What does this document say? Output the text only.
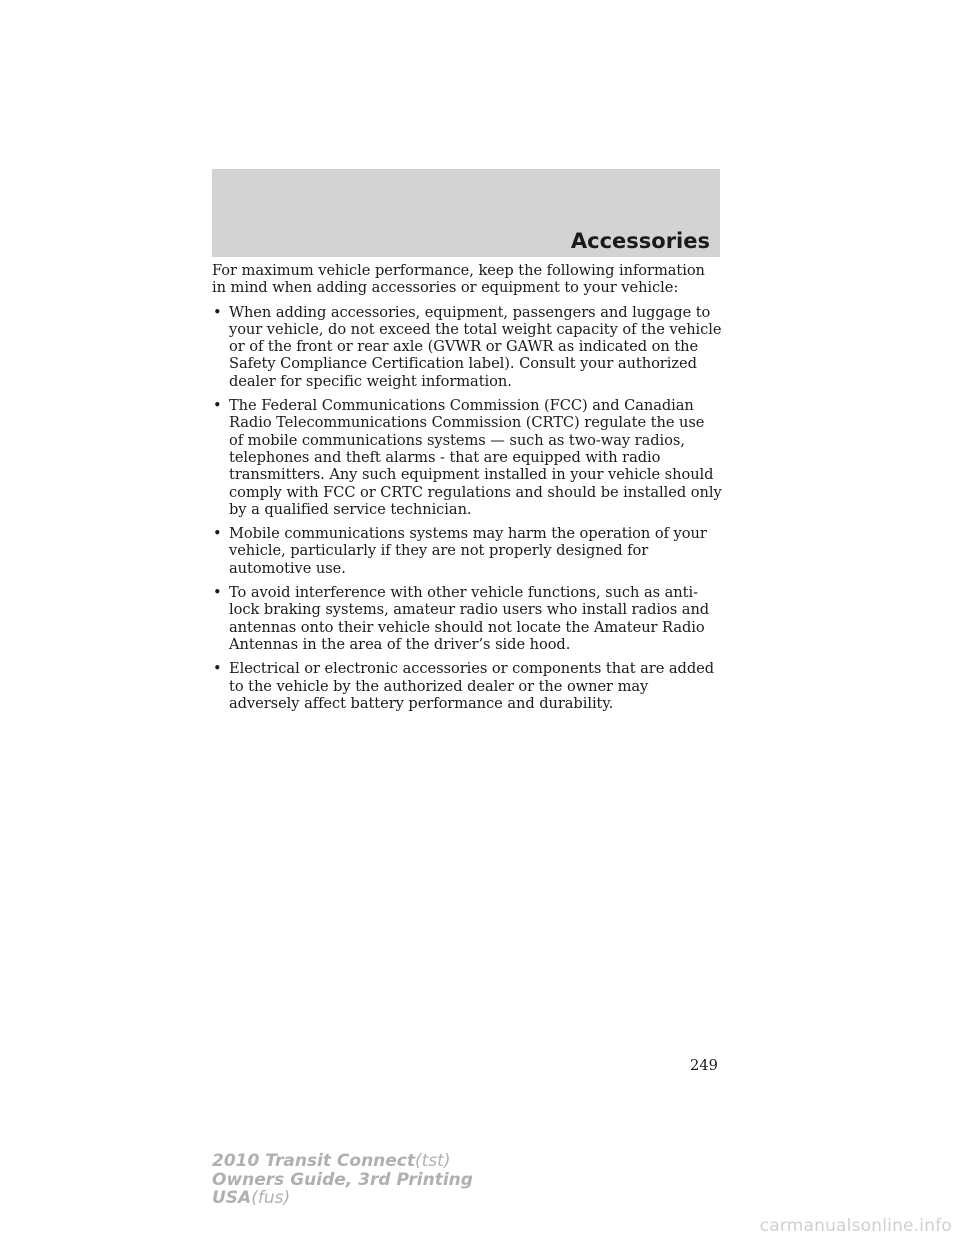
Accessories

For maximum vehicle performance, keep the following information in mind when adding accessories or equipment to your vehicle:

• When adding accessories, equipment, passengers and luggage to your vehicle, do not exceed the total weight capacity of the vehicle or of the front or rear axle (GVWR or GAWR as indicated on the Safety Compliance Certification label). Consult your authorized dealer for specific weight information.
• The Federal Communications Commission (FCC) and Canadian Radio Telecommunications Commission (CRTC) regulate the use of mobile communications systems — such as two-way radios, telephones and theft alarms - that are equipped with radio transmitters. Any such equipment installed in your vehicle should comply with FCC or CRTC regulations and should be installed only by a qualified service technician.
• Mobile communications systems may harm the operation of your vehicle, particularly if they are not properly designed for automotive use.
• To avoid interference with other vehicle functions, such as anti-lock braking systems, amateur radio users who install radios and antennas onto their vehicle should not locate the Amateur Radio Antennas in the area of the driver’s side hood.
• Electrical or electronic accessories or components that are added to the vehicle by the authorized dealer or the owner may adversely affect battery performance and durability.
249
2010 Transit Connect(tst)
Owners Guide, 3rd Printing
USA(fus)
carmanualsonline.info
